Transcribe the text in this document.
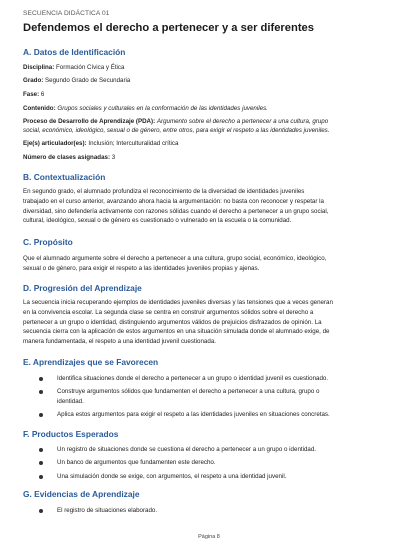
SECUENCIA DIDÁCTICA 01
Defendemos el derecho a pertenecer y a ser diferentes
A. Datos de Identificación
Disciplina: Formación Cívica y Ética
Grado: Segundo Grado de Secundaria
Fase: 6
Contenido: Grupos sociales y culturales en la conformación de las identidades juveniles.
Proceso de Desarrollo de Aprendizaje (PDA): Argumento sobre el derecho a pertenecer a una cultura, grupo
social, económico, ideológico, sexual o de género, entre otros, para exigir el respeto a las identidades juveniles.
Eje(s) articulador(es): Inclusión; Interculturalidad crítica
Número de clases asignadas: 3
B. Contextualización
En segundo grado, el alumnado profundiza el reconocimiento de la diversidad de identidades juveniles
trabajado en el curso anterior, avanzando ahora hacia la argumentación: no basta con reconocer y respetar la
diversidad, sino defendería activamente con razones sólidas cuando el derecho a pertenecer a un grupo social,
cultural, ideológico, sexual o de género es cuestionado o vulnerado en la escuela o la comunidad.
C. Propósito
Que el alumnado argumente sobre el derecho a pertenecer a una cultura, grupo social, económico, ideológico,
sexual o de género, para exigir el respeto a las identidades juveniles propias y ajenas.
D. Progresión del Aprendizaje
La secuencia inicia recuperando ejemplos de identidades juveniles diversas y las tensiones que a veces generan
en la convivencia escolar. La segunda clase se centra en construir argumentos sólidos sobre el derecho a
pertenecer a un grupo o identidad, distinguiendo argumentos válidos de prejuicios disfrazados de opinión. La
secuencia cierra con la aplicación de estos argumentos en una situación simulada donde el alumnado exige, de
manera fundamentada, el respeto a una identidad juvenil cuestionada.
E. Aprendizajes que se Favorecen
Identifica situaciones donde el derecho a pertenecer a un grupo o identidad juvenil es cuestionado.
Construye argumentos sólidos que fundamenten el derecho a pertenecer a una cultura, grupo o
identidad.
Aplica estos argumentos para exigir el respeto a las identidades juveniles en situaciones concretas.
F. Productos Esperados
Un registro de situaciones donde se cuestiona el derecho a pertenecer a un grupo o identidad.
Un banco de argumentos que fundamenten este derecho.
Una simulación donde se exige, con argumentos, el respeto a una identidad juvenil.
G. Evidencias de Aprendizaje
El registro de situaciones elaborado.
Página 8
